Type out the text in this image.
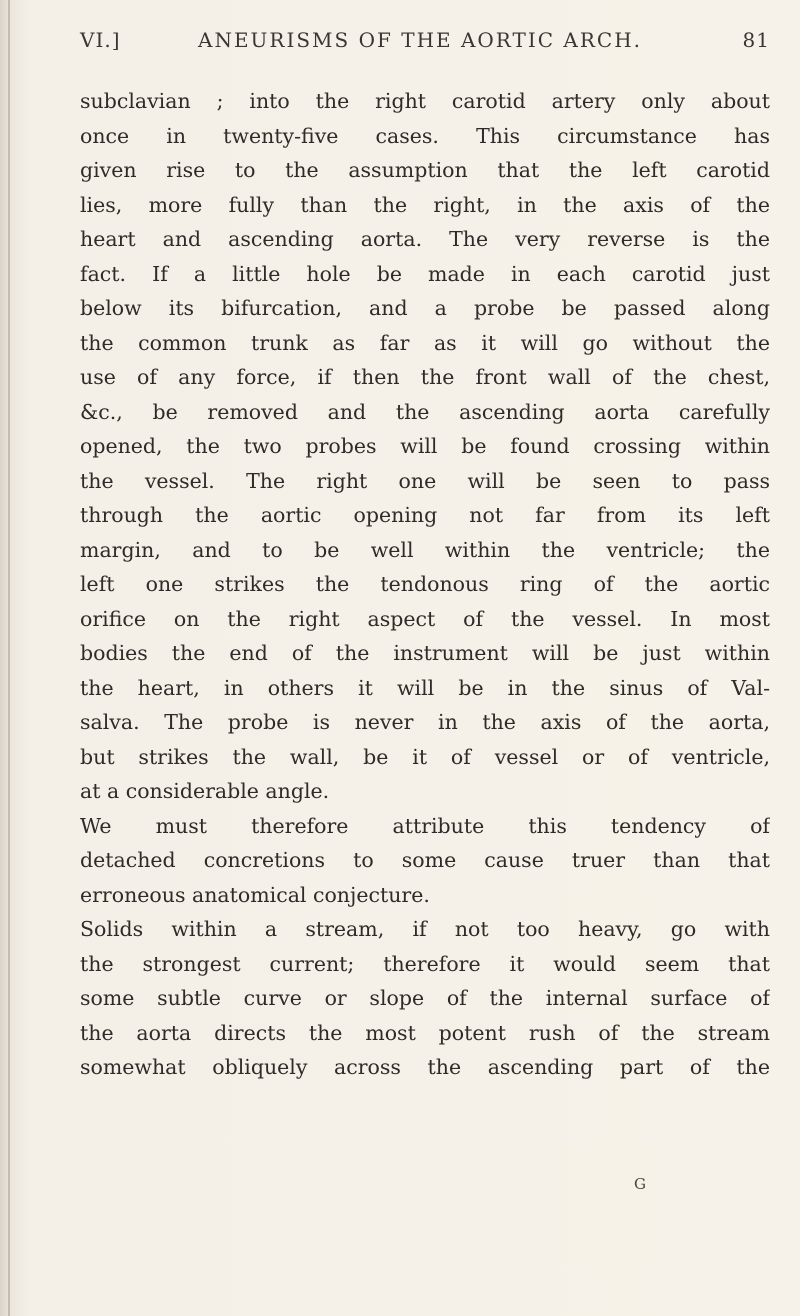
VI.]	ANEURISMS OF THE AORTIC ARCH.	81
subclavian ; into the right carotid artery only about
once in twenty-five cases. This circumstance has
given rise to the assumption that the left carotid
lies, more fully than the right, in the axis of the
heart and ascending aorta. The very reverse is the
fact. If a little hole be made in each carotid just
below its bifurcation, and a probe be passed along
the common trunk as far as it will go without the
use of any force, if then the front wall of the chest,
&c., be removed and the ascending aorta carefully
opened, the two probes will be found crossing within
the vessel. The right one will be seen to pass
through the aortic opening not far from its left
margin, and to be well within the ventricle; the
left one strikes the tendonous ring of the aortic
orifice on the right aspect of the vessel. In most
bodies the end of the instrument will be just within
the heart, in others it will be in the sinus of Val-
salva. The probe is never in the axis of the aorta,
but strikes the wall, be it of vessel or of ventricle,
at a considerable angle.
We must therefore attribute this tendency of
detached concretions to some cause truer than that
erroneous anatomical conjecture.
Solids within a stream, if not too heavy, go with
the strongest current; therefore it would seem that
some subtle curve or slope of the internal surface of
the aorta directs the most potent rush of the stream
somewhat obliquely across the ascending part of the
G
